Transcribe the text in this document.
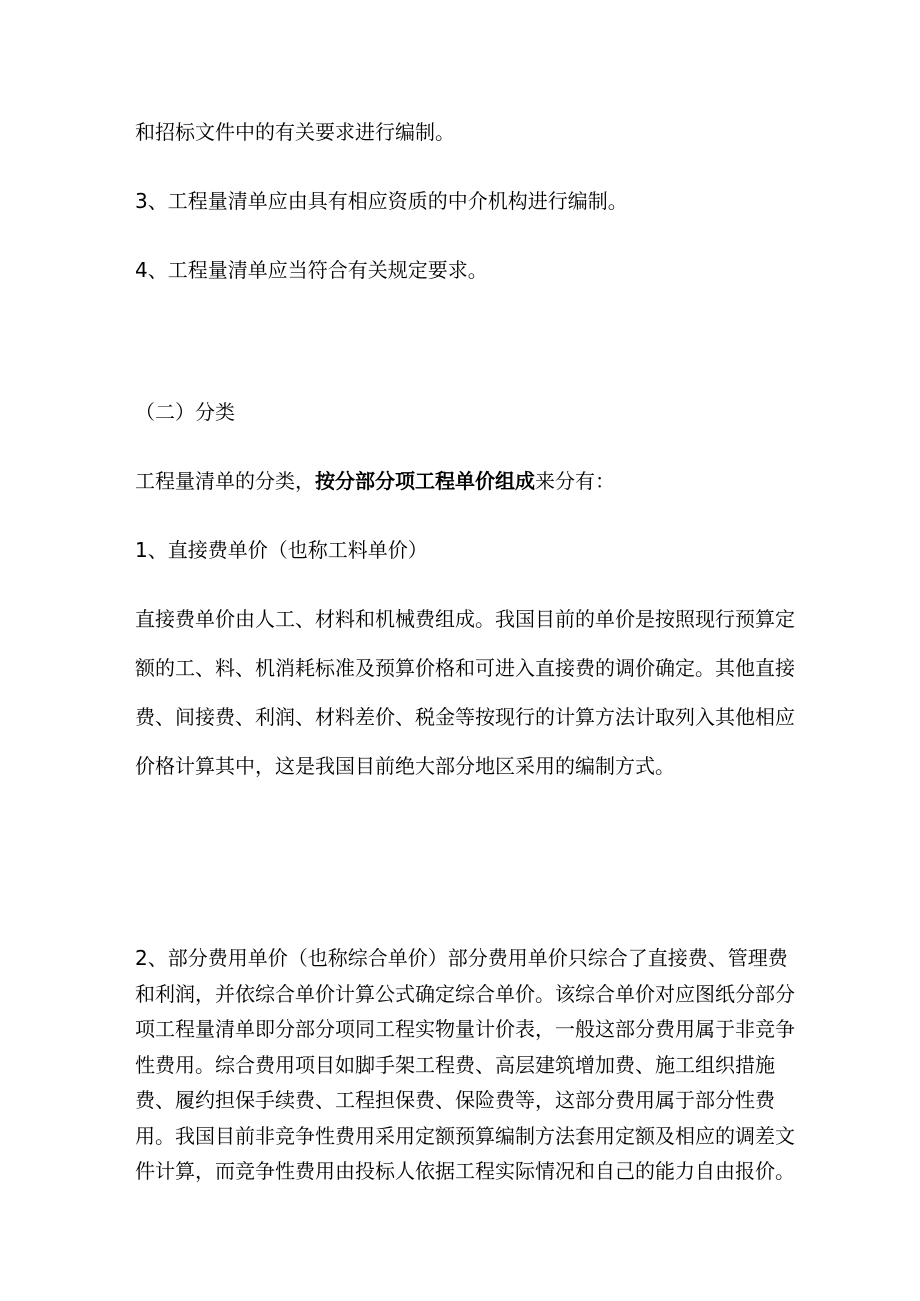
和招标文件中的有关要求进行编制。
3、工程量清单应由具有相应资质的中介机构进行编制。
4、工程量清单应当符合有关规定要求。
（二）分类
工程量清单的分类，按分部分项工程单价组成来分有：
1、直接费单价（也称工料单价）

直接费单价由人工、材料和机械费组成。我国目前的单价是按照现行预算定额的工、料、机消耗标准及预算价格和可进入直接费的调价确定。其他直接费、间接费、利润、材料差价、税金等按现行的计算方法计取列入其他相应价格计算其中，这是我国目前绝大部分地区采用的编制方式。

2、部分费用单价（也称综合单价）部分费用单价只综合了直接费、管理费和利润，并依综合单价计算公式确定综合单价。该综合单价对应图纸分部分项工程量清单即分部分项同工程实物量计价表，一般这部分费用属于非竞争性费用。综合费用项目如脚手架工程费、高层建筑增加费、施工组织措施费、履约担保手续费、工程担保费、保险费等，这部分费用属于部分性费用。我国目前非竞争性费用采用定额预算编制方法套用定额及相应的调差文件计算，而竞争性费用由投标人依据工程实际情况和自己的能力自由报价。
